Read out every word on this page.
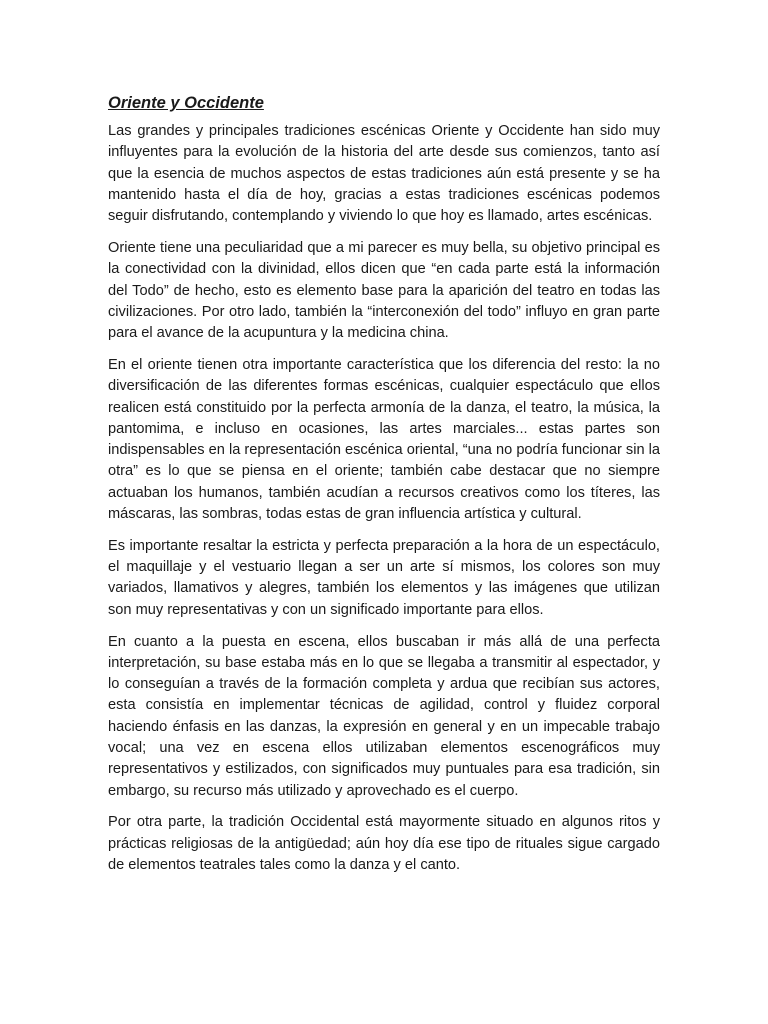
Oriente y Occidente

Las grandes y principales tradiciones escénicas Oriente y Occidente han sido muy influyentes para la evolución de la historia del arte desde sus comienzos, tanto así que la esencia de muchos aspectos de estas tradiciones aún está presente y se ha mantenido hasta el día de hoy, gracias a estas tradiciones escénicas podemos seguir disfrutando, contemplando y viviendo lo que hoy es llamado, artes escénicas.

Oriente tiene una peculiaridad que a mi parecer es muy bella, su objetivo principal es la conectividad con la divinidad, ellos dicen que “en cada parte está la información del Todo” de hecho, esto es elemento base para la aparición del teatro en todas las civilizaciones. Por otro lado, también la “interconexión del todo” influyo en gran parte para el avance de la acupuntura y la medicina china.

En el oriente tienen otra importante característica que los diferencia del resto: la no diversificación de las diferentes formas escénicas, cualquier espectáculo que ellos realicen está constituido por la perfecta armonía de la danza, el teatro, la música, la pantomima, e incluso en ocasiones, las artes marciales... estas partes son indispensables en la representación escénica oriental, “una no podría funcionar sin la otra” es lo que se piensa en el oriente; también cabe destacar que no siempre actuaban los humanos, también acudían a recursos creativos como los títeres, las máscaras, las sombras, todas estas de gran influencia artística y cultural.

Es importante resaltar la estricta y perfecta preparación a la hora de un espectáculo, el maquillaje y el vestuario llegan a ser un arte sí mismos, los colores son muy variados, llamativos y alegres, también los elementos y las imágenes que utilizan son muy representativas y con un significado importante para ellos.

En cuanto a la puesta en escena, ellos buscaban ir más allá de una perfecta interpretación, su base estaba más en lo que se llegaba a transmitir al espectador, y lo conseguían a través de la formación completa y ardua que recibían sus actores, esta consistía en implementar técnicas de agilidad, control y fluidez corporal haciendo énfasis en las danzas, la expresión en general y en un impecable trabajo vocal; una vez en escena ellos utilizaban elementos escenográficos muy representativos y estilizados, con significados muy puntuales para esa tradición, sin embargo, su recurso más utilizado y aprovechado es el cuerpo.

Por otra parte, la tradición Occidental está mayormente situado en algunos ritos y prácticas religiosas de la antigüedad; aún hoy día ese tipo de rituales sigue cargado de elementos teatrales tales como la danza y el canto.
